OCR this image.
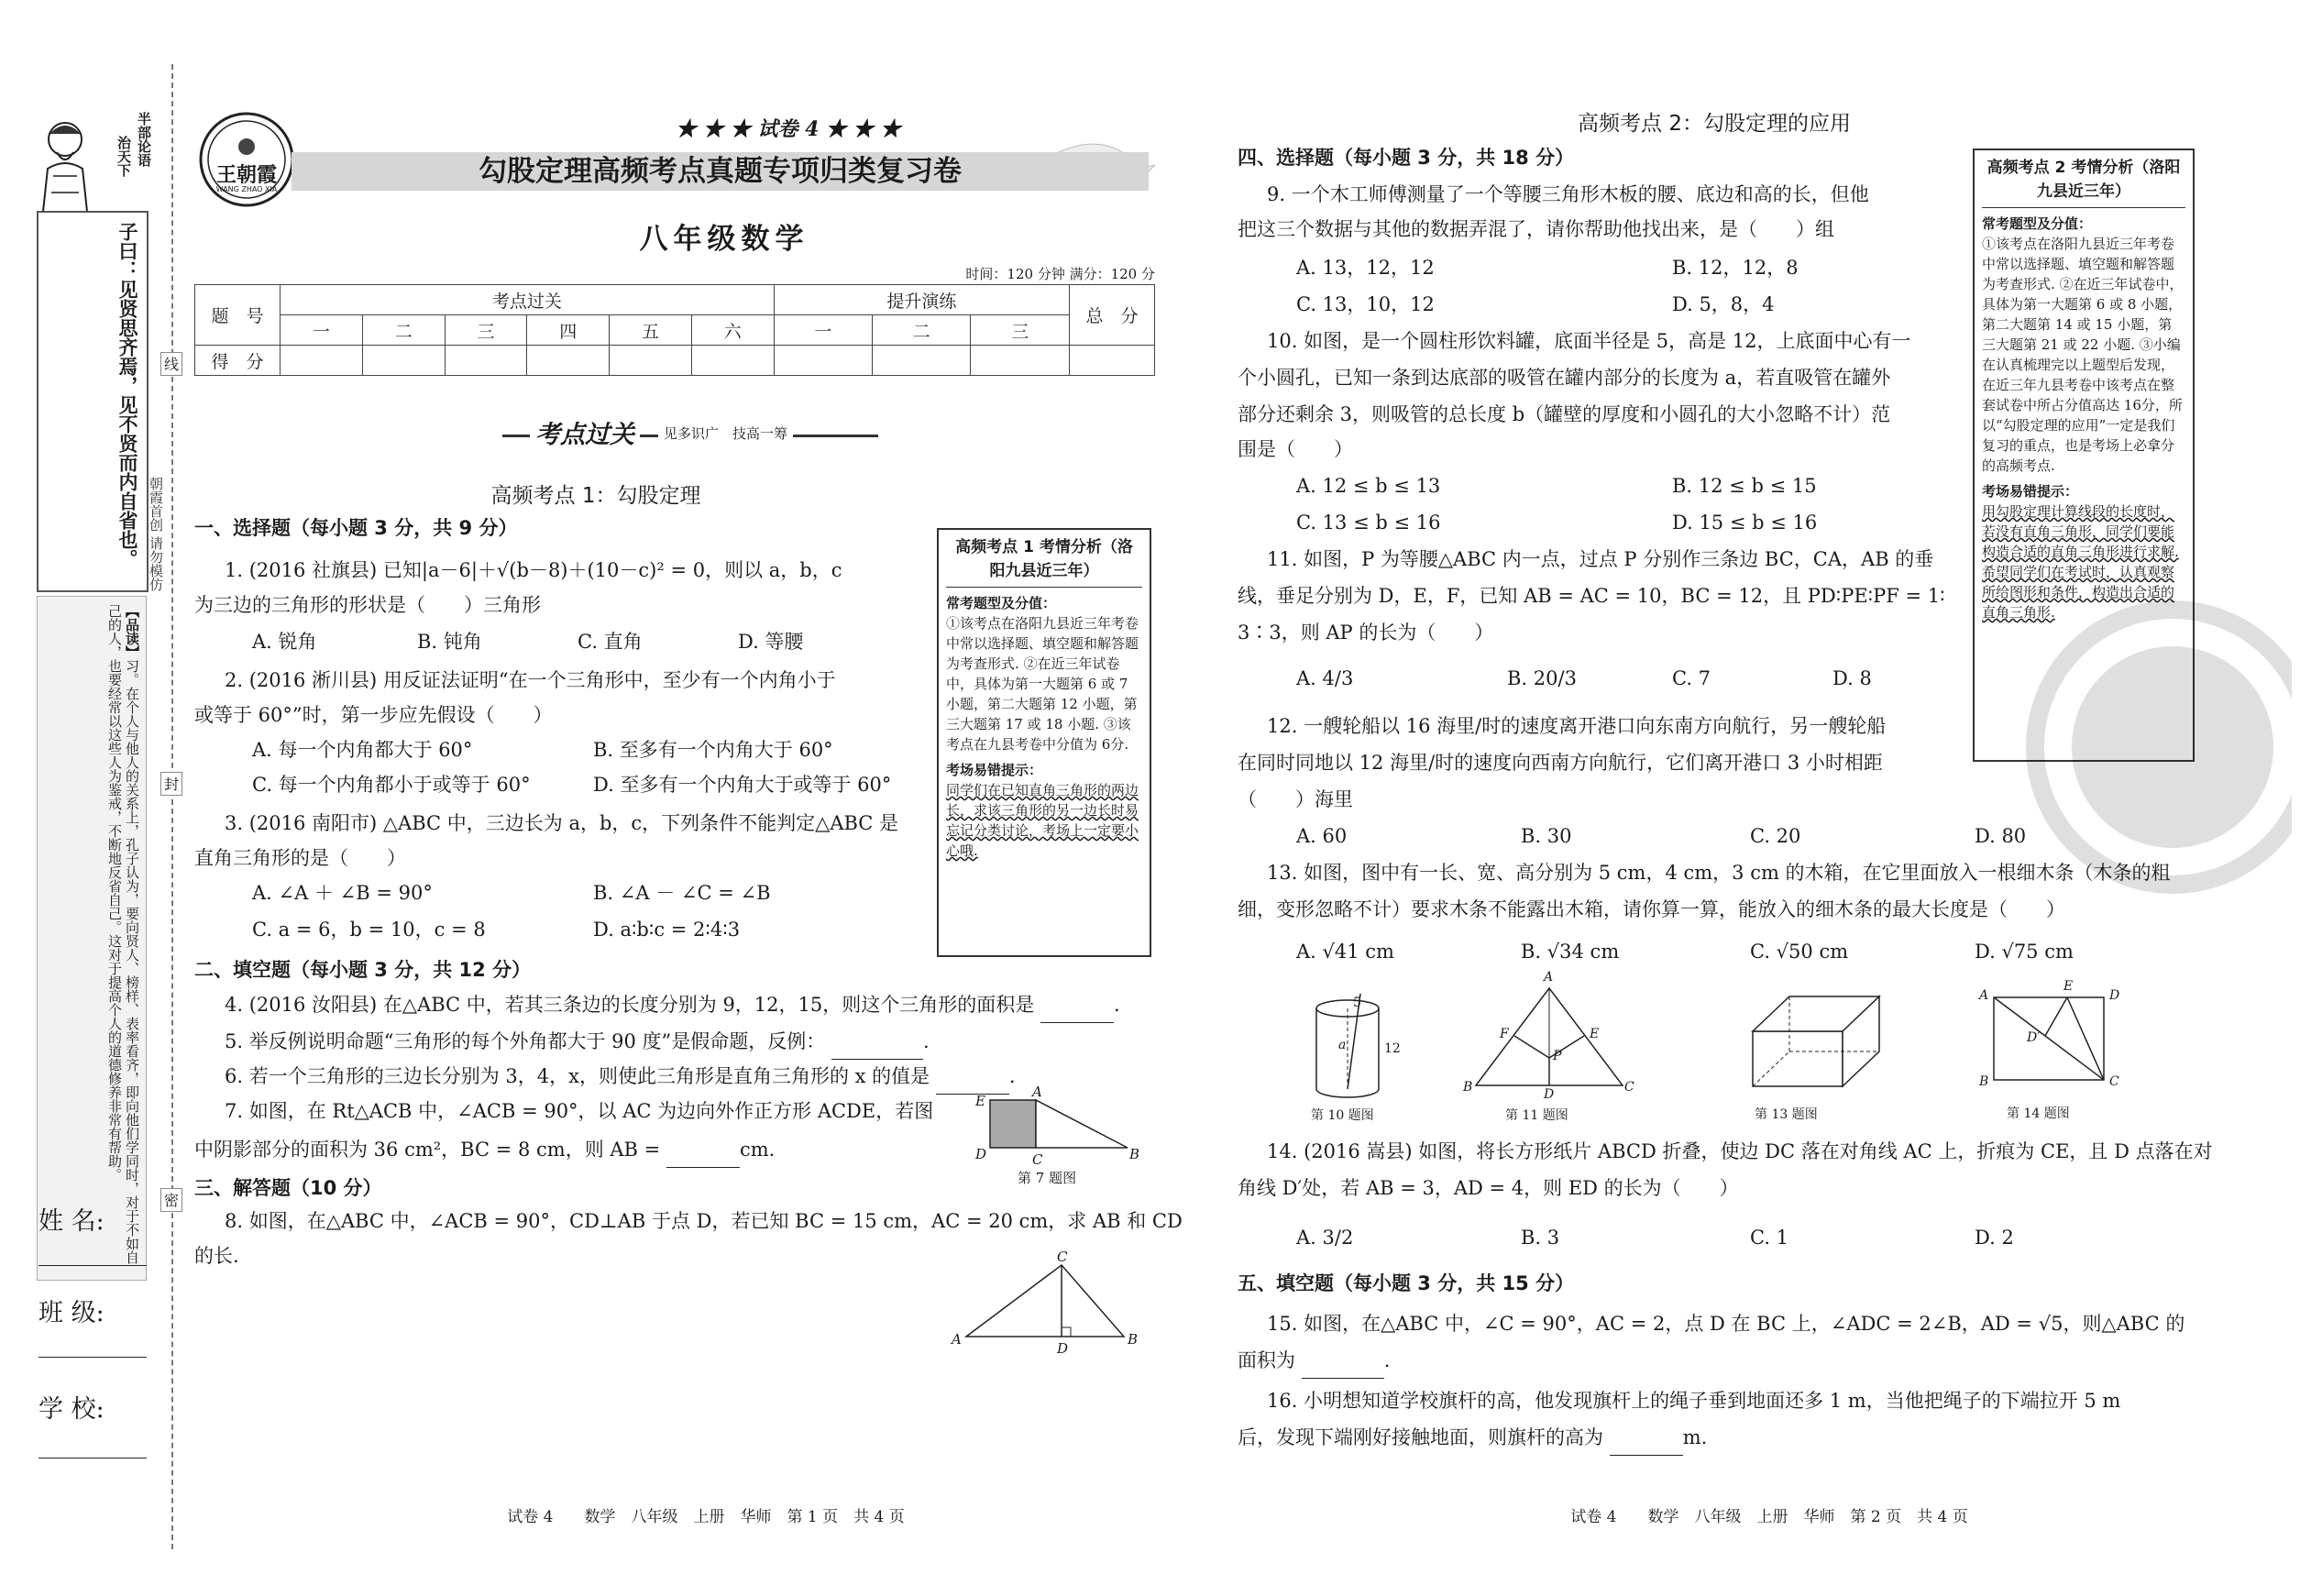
半部论语
治天下
子曰：见贤思齐焉，见不贤而内自省也。
【品读】习。在个人与他人的关系上，孔子认为，要向贤人、榜样、表率看齐，即向他们学同时，对于不如自己的人，也要经常以这些人为鉴戒，不断地反省自己。这对于提高个人的道德修养非常有帮助。
姓 名:
班 级:
学 校:
朝霞首创 请勿模仿
线
封
密
王朝霞
WANG ZHAO XIA
★ ★ ★ 试卷 4 ★ ★ ★
勾股定理高频考点真题专项归类复习卷
八年级数学
时间：120 分钟 满分：120 分
题　号	考点过关						提升演练			总　分
	一	二	三	四	五	六	一	二	三	
得　分										
考点过关	见多识广　技高一筹
高频考点 1：勾股定理
一、选择题（每小题 3 分，共 9 分）
1. (2016 社旗县) 已知|a－6|＋√(b－8)＋(10－c)² = 0，则以 a，b，c
为三边的三角形的形状是（　　）三角形
A. 锐角	B. 钝角	C. 直角	D. 等腰
2. (2016 淅川县) 用反证法证明“在一个三角形中，至少有一个内角小于
或等于 60°”时，第一步应先假设（　　）
A. 每一个内角都大于 60°	B. 至多有一个内角大于 60°
C. 每一个内角都小于或等于 60°	D. 至多有一个内角大于或等于 60°
3. (2016 南阳市) △ABC 中，三边长为 a，b，c，下列条件不能判定△ABC 是
直角三角形的是（　　）
A. ∠A ＋ ∠B = 90°	B. ∠A － ∠C = ∠B
C. a = 6，b = 10，c = 8	D. a∶b∶c = 2∶4∶3
二、填空题（每小题 3 分，共 12 分）
4. (2016 汝阳县) 在△ABC 中，若其三条边的长度分别为 9，12，15，则这个三角形的面积是	.
5. 举反例说明命题“三角形的每个外角都大于 90 度”是假命题，反例：	.
6. 若一个三角形的三边长分别为 3，4，x，则使此三角形是直角三角形的 x 的值是	.
7. 如图，在 Rt△ACB 中，∠ACB = 90°，以 AC 为边向外作正方形 ACDE，若图
中阴影部分的面积为 36 cm²，BC = 8 cm，则 AB =	cm.
E
A
D	C	B
第 7 题图
三、解答题（10 分）
8. 如图，在△ABC 中，∠ACB = 90°，CD⊥AB 于点 D，若已知 BC = 15 cm，AC = 20 cm，求 AB 和 CD
的长.	C
A
D
B
高频考点 1 考情分析（洛阳九县近三年）
常考题型及分值：
①该考点在洛阳九县近三年考卷中常以选择题、填空题和解答题为考查形式. ②在近三年试卷中，具体为第一大题第 6 或 7 小题，第二大题第 12 小题，第三大题第 17 或 18 小题. ③该考点在九县考卷中分值为 6分.
考场易错提示：
同学们在已知直角三角形的两边长，求该三角形的另一边长时易忘记分类讨论，考场上一定要小心哦.
高频考点 2：勾股定理的应用
四、选择题（每小题 3 分，共 18 分）
9. 一个木工师傅测量了一个等腰三角形木板的腰、底边和高的长，但他
把这三个数据与其他的数据弄混了，请你帮助他找出来，是（　　）组
A. 13，12，12	B. 12，12，8
C. 13，10，12	D. 5，8，4
10. 如图，是一个圆柱形饮料罐，底面半径是 5，高是 12，上底面中心有一
个小圆孔，已知一条到达底部的吸管在罐内部分的长度为 a，若直吸管在罐外
部分还剩余 3，则吸管的总长度 b（罐壁的厚度和小圆孔的大小忽略不计）范
围是（　　）
A. 12 ≤ b ≤ 13	B. 12 ≤ b ≤ 15
C. 13 ≤ b ≤ 16	D. 15 ≤ b ≤ 16
11. 如图，P 为等腰△ABC 内一点，过点 P 分别作三条边 BC，CA，AB 的垂
线，垂足分别为 D，E，F，已知 AB = AC = 10，BC = 12，且 PD∶PE∶PF = 1∶
3∶3，则 AP 的长为（　　）
A. 4/3	B. 20/3	C. 7	D. 8
12. 一艘轮船以 16 海里/时的速度离开港口向东南方向航行，另一艘轮船
在同时同地以 12 海里/时的速度向西南方向航行，它们离开港口 3 小时相距
（　　）海里
A. 60	B. 30	C. 20	D. 80
13. 如图，图中有一长、宽、高分别为 5 cm，4 cm，3 cm 的木箱，在它里面放入一根细木条（木条的粗
细，变形忽略不计）要求木条不能露出木箱，请你算一算，能放入的细木条的最大长度是（　　）
A. √41 cm	B. √34 cm	C. √50 cm	D. √75 cm
5
a	12
第 10 题图
A
F	E
P
B	D	C
第 11 题图	第 13 题图
A
E
D
D′
B	C
第 14 题图
14. (2016 嵩县) 如图，将长方形纸片 ABCD 折叠，使边 DC 落在对角线 AC 上，折痕为 CE，且 D 点落在对
角线 D′处，若 AB = 3，AD = 4，则 ED 的长为（　　）
A. 3/2	B. 3	C. 1	D. 2
五、填空题（每小题 3 分，共 15 分）
15. 如图，在△ABC 中，∠C = 90°，AC = 2，点 D 在 BC 上，∠ADC = 2∠B，AD = √5，则△ABC 的
面积为	.
16. 小明想知道学校旗杆的高，他发现旗杆上的绳子垂到地面还多 1 m，当他把绳子的下端拉开 5 m
后，发现下端刚好接触地面，则旗杆的高为	m.
高频考点 2 考情分析（洛阳九县近三年）
常考题型及分值：
①该考点在洛阳九县近三年考卷中常以选择题、填空题和解答题为考查形式. ②在近三年试卷中，具体为第一大题第 6 或 8 小题，第二大题第 14 或 15 小题，第三大题第 21 或 22 小题. ③小编在认真梳理完以上题型后发现，在近三年九县考卷中该考点在整套试卷中所占分值高达 16分，所以“勾股定理的应用”一定是我们复习的重点，也是考场上必拿分的高频考点.
考场易错提示：
用勾股定理计算线段的长度时，若没有直角三角形，同学们要能构造合适的直角三角形进行求解. 希望同学们在考试时，认真观察所给图形和条件，构造出合适的直角三角形.
试卷 4　　数学　八年级　上册　华师　第 1 页　共 4 页	试卷 4　　数学　八年级　上册　华师　第 2 页　共 4 页
